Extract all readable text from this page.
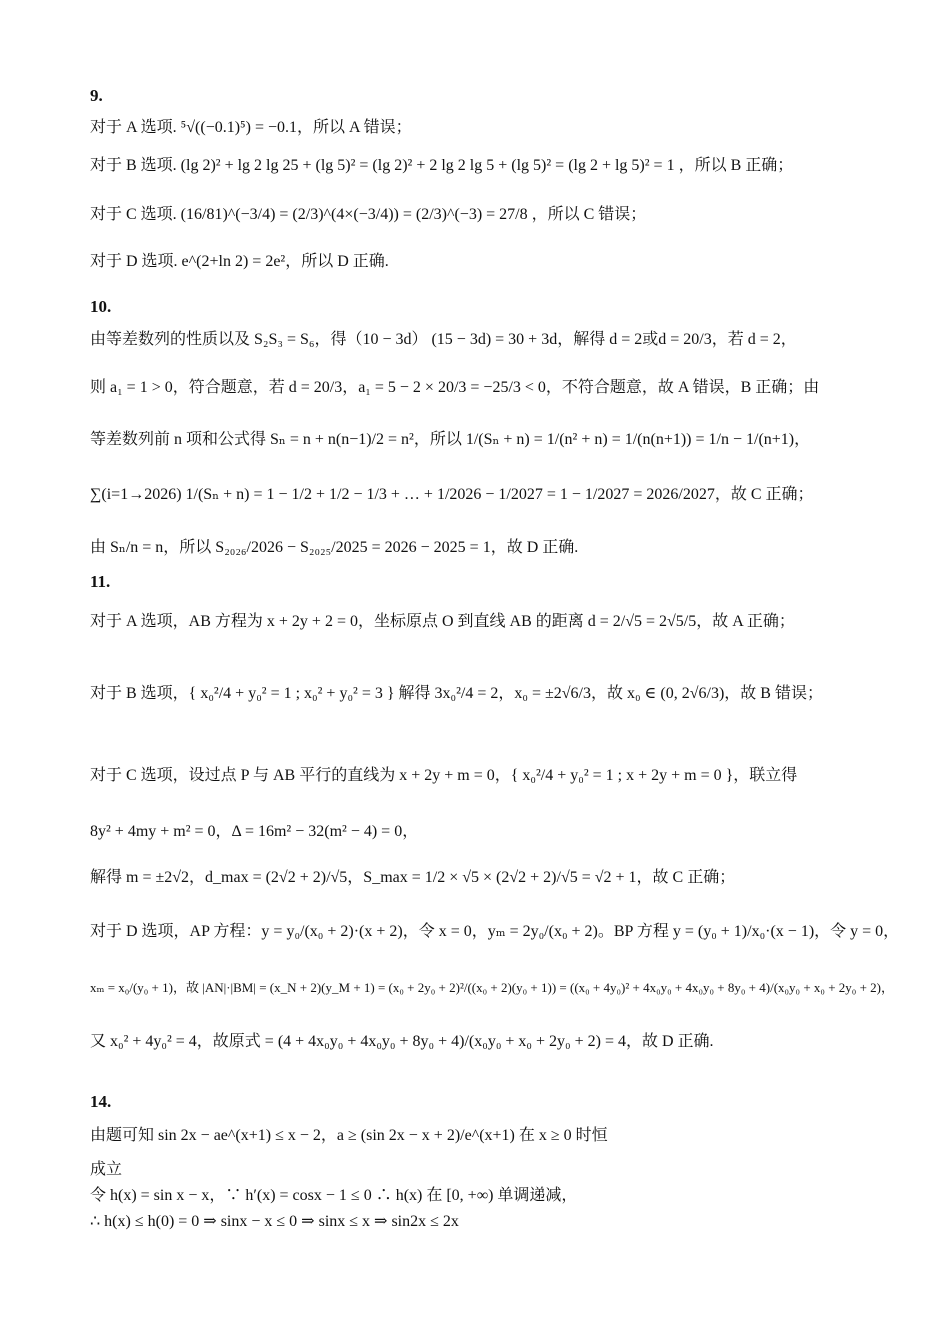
9.
对于 A 选项. ⁵√((−0.1)⁵) = −0.1，所以 A 错误；
对于 B 选项. (lg 2)² + lg 2 lg 25 + (lg 5)² = (lg 2)² + 2 lg 2 lg 5 + (lg 5)² = (lg 2 + lg 5)² = 1 ，所以 B 正确；
对于 C 选项. (16/81)^(−3/4) = (2/3)^(4×(−3/4)) = (2/3)^(−3) = 27/8 ，所以 C 错误；
对于 D 选项. e^(2+ln 2) = 2e²，所以 D 正确.
10.
由等差数列的性质以及 S₂S₃ = S₆，得（10 − 3d） (15 − 3d) = 30 + 3d，解得 d = 2或d = 20/3，若 d = 2，
则 a₁ = 1 > 0，符合题意，若 d = 20/3，a₁ = 5 − 2 × 20/3 = −25/3 < 0，不符合题意，故 A 错误，B 正确；由
等差数列前 n 项和公式得 Sₙ = n + n(n−1)/2 = n²，所以 1/(Sₙ + n) = 1/(n² + n) = 1/(n(n+1)) = 1/n − 1/(n+1)，
∑(i=1→2026) 1/(Sₙ + n) = 1 − 1/2 + 1/2 − 1/3 + … + 1/2026 − 1/2027 = 1 − 1/2027 = 2026/2027，故 C 正确；
由 Sₙ/n = n，所以 S₂₀₂₆/2026 − S₂₀₂₅/2025 = 2026 − 2025 = 1，故 D 正确.
11.
对于 A 选项，AB 方程为 x + 2y + 2 = 0，坐标原点 O 到直线 AB 的距离 d = 2/√5 = 2√5/5，故 A 正确；
对于 B 选项，{ x₀²/4 + y₀² = 1 ; x₀² + y₀² = 3 } 解得 3x₀²/4 = 2，x₀ = ±2√6/3，故 x₀ ∈ (0, 2√6/3)，故 B 错误；
对于 C 选项，设过点 P 与 AB 平行的直线为 x + 2y + m = 0，{ x₀²/4 + y₀² = 1 ; x + 2y + m = 0 }，联立得
8y² + 4my + m² = 0，Δ = 16m² − 32(m² − 4) = 0，
解得 m = ±2√2，d_max = (2√2 + 2)/√5，S_max = 1/2 × √5 × (2√2 + 2)/√5 = √2 + 1，故 C 正确；
对于 D 选项，AP 方程：y = y₀/(x₀ + 2)·(x + 2)，令 x = 0，yₘ = 2y₀/(x₀ + 2)。BP 方程 y = (y₀ + 1)/x₀·(x − 1)，令 y = 0，
xₘ = x₀/(y₀ + 1)，故 |AN|·|BM| = (x_N + 2)(y_M + 1) = (x₀ + 2y₀ + 2)²/((x₀ + 2)(y₀ + 1)) = ((x₀ + 4y₀)² + 4x₀y₀ + 4x₀y₀ + 8y₀ + 4)/(x₀y₀ + x₀ + 2y₀ + 2)，
又 x₀² + 4y₀² = 4，故原式 = (4 + 4x₀y₀ + 4x₀y₀ + 8y₀ + 4)/(x₀y₀ + x₀ + 2y₀ + 2) = 4，故 D 正确.
14.
由题可知 sin 2x − ae^(x+1) ≤ x − 2，a ≥ (sin 2x − x + 2)/e^(x+1) 在 x ≥ 0 时恒
成立
令 h(x) = sin x − x，∵ h′(x) = cosx − 1 ≤ 0 ∴ h(x) 在 [0, +∞) 单调递减，
∴ h(x) ≤ h(0) = 0 ⇒ sinx − x ≤ 0 ⇒ sinx ≤ x ⇒ sin2x ≤ 2x
